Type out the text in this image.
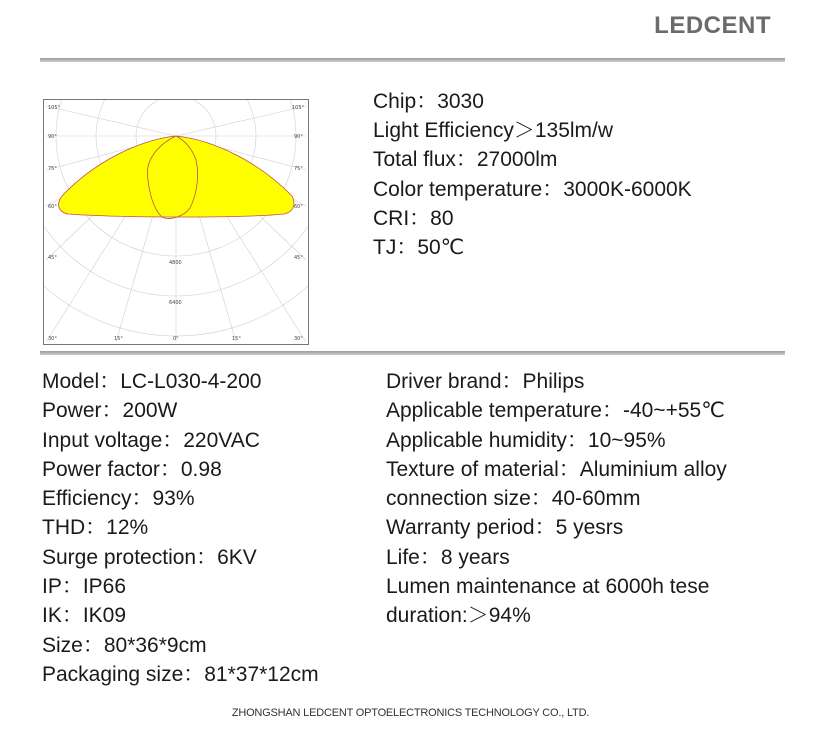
LEDCENT
105°
90°
75°
60°
45°
30°
105°
90°
75°
60°
45°
30°
15°	0°	15°
4800
6400
Chip：3030
Light Efficiency＞135lm/w
Total flux：27000lm
Color temperature：3000K-6000K
CRI：80
TJ：50℃
Model：LC-L030-4-200
Power：200W
Input voltage：220VAC
Power factor：0.98
Efficiency：93%
THD：12%
Surge protection：6KV
IP：IP66
IK：IK09
Size：80*36*9cm
Packaging size：81*37*12cm
Driver brand：Philips
Applicable temperature：-40~+55℃
Applicable humidity：10~95%
Texture of material：Aluminium alloy
connection size：40-60mm
Warranty period：5 yesrs
Life：8 years
Lumen maintenance at 6000h tese
duration:＞94%
ZHONGSHAN LEDCENT OPTOELECTRONICS TECHNOLOGY CO., LTD.
